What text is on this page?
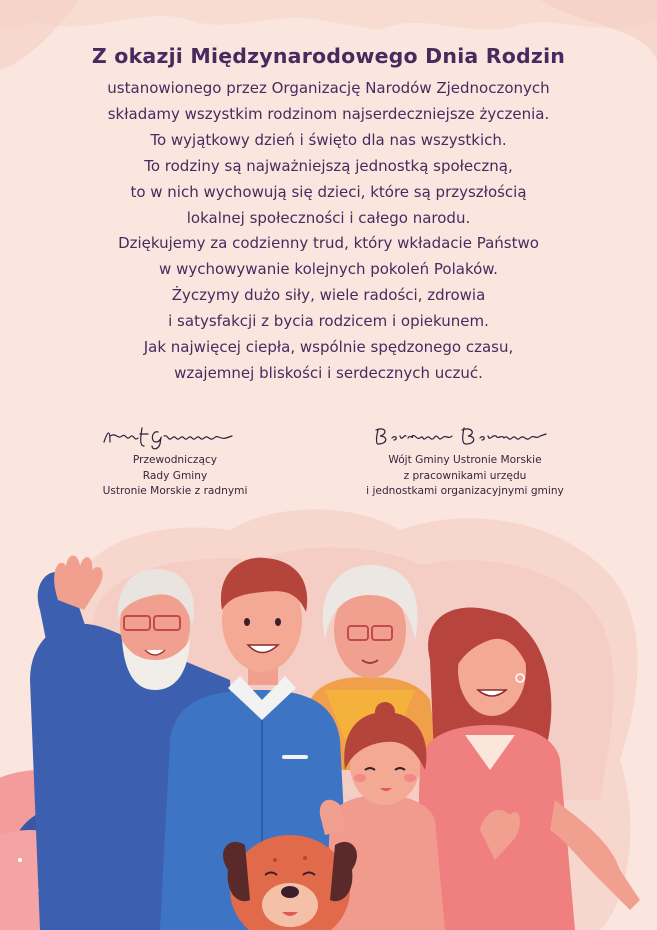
Z okazji Międzynarodowego Dnia Rodzin
ustanowionego przez Organizację Narodów Zjednoczonych
składamy wszystkim rodzinom najserdeczniejsze życzenia.
To wyjątkowy dzień i święto dla nas wszystkich.
To rodziny są najważniejszą jednostką społeczną,
to w nich wychowują się dzieci, które są przyszłością
lokalnej społeczności i całego narodu.
Dziękujemy za codzienny trud, który wkładacie Państwo
w wychowywanie kolejnych pokoleń Polaków.
Życzymy dużo siły, wiele radości, zdrowia
i satysfakcji z bycia rodzicem i opiekunem.
Jak najwięcej ciepła, wspólnie spędzonego czasu,
wzajemnej bliskości i serdecznych uczuć.
Przewodniczący
Rady Gminy
Ustronie Morskie z radnymi
Wójt Gminy Ustronie Morskie
z pracownikami urzędu
i jednostkami organizacyjnymi gminy
